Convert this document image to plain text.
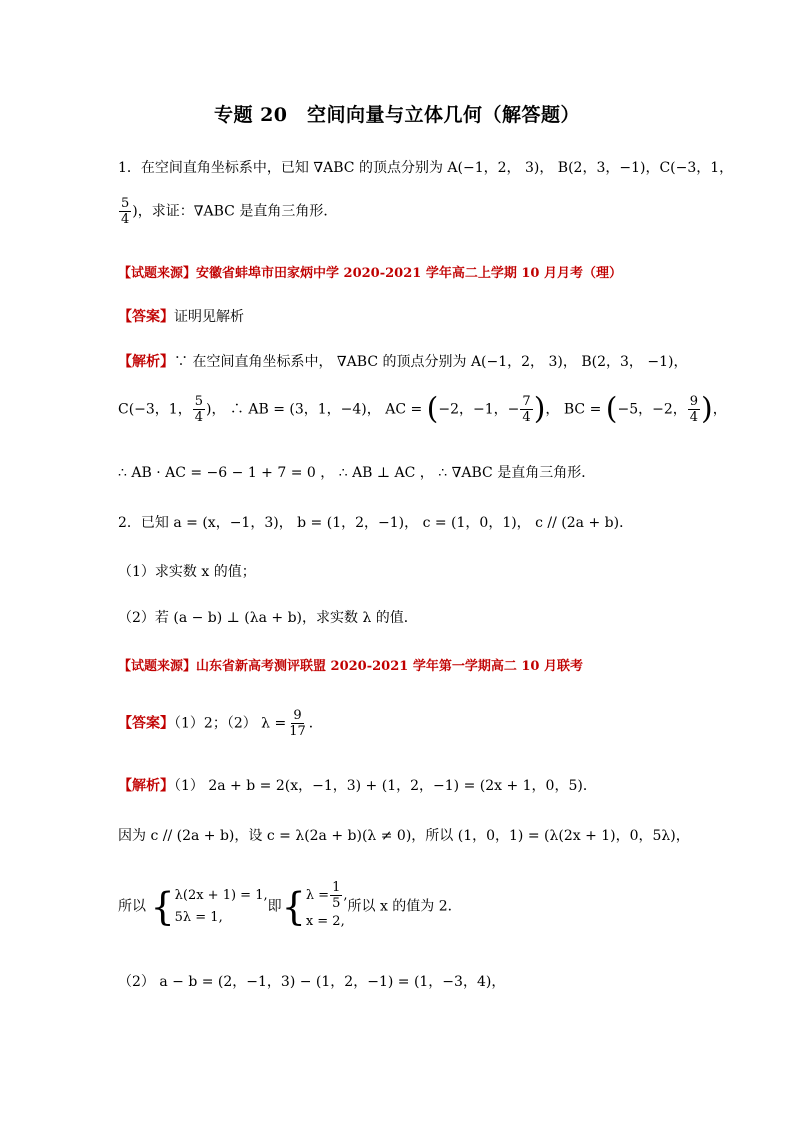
专题 20　空间向量与立体几何（解答题）
1．在空间直角坐标系中，已知 ∇ABC 的顶点分别为 A(−1，2， 3)， B(2，3，−1)，C(−3，1，
$\frac{5}{4}$ )，求证：∇ABC 是直角三角形．
【试题来源】安徽省蚌埠市田家炳中学 2020-2021 学年高二上学期 10 月月考（理）
【答案】证明见解析
【解析】∵ 在空间直角坐标系中， ∇ABC 的顶点分别为 A(−1，2， 3)， B(2，3， −1)，
C(−3，1， $\frac{5}{4}$ )， ∴ AB = (3，1，−4)， AC = (−2，−1，− $\frac{7}{4}$ )， BC = (−5，−2， $\frac{9}{4}$ )，
∴ AB · AC = −6 − 1 + 7 = 0 ， ∴ AB ⊥ AC ， ∴ ∇ABC 是直角三角形．
2．已知 a = (x，−1，3)， b = (1，2，−1)， c = (1，0，1)， c // (2a + b)．
（1）求实数 x 的值；
（2）若 (a − b) ⊥ (λa + b)，求实数 λ 的值．
【试题来源】山东省新高考测评联盟 2020-2021 学年第一学期高二 10 月联考
【答案】（1）2；（2） $\lambda = \frac{9}{17}$ ．
【解析】（1） 2a + b = 2(x，−1，3) + (1，2，−1) = (2x + 1，0，5)．
因为 c // (2a + b)，设 c = λ(2a + b)(λ ≠ 0)，所以 (1，0，1) = (λ(2x + 1)，0，5λ)，
所以 { λ(2x + 1) = 1,
5λ = 1,
即{ $\lambda = \frac{1}{5}$ ,
x = 2,
所以 x 的值为 2．
（2） a − b = (2，−1，3) − (1，2，−1) = (1，−3，4)，
